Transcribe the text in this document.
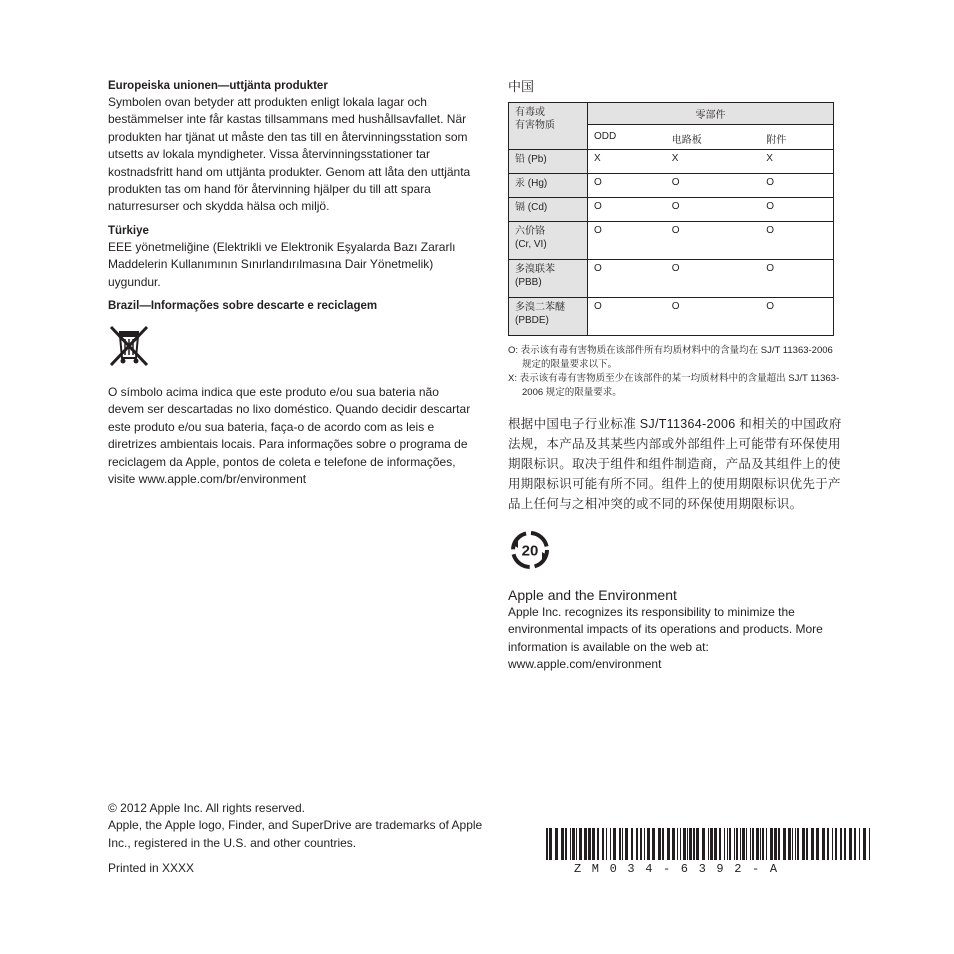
Europeiska unionen—uttjänta produkter
Symbolen ovan betyder att produkten enligt lokala lagar och bestämmelser inte får kastas tillsammans med hushållsavfallet. När produkten har tjänat ut måste den tas till en återvinningsstation som utsetts av lokala myndigheter. Vissa återvinningsstationer tar kostnadsfritt hand om uttjänta produkter. Genom att låta den uttjänta produkten tas om hand för återvinning hjälper du till att spara naturresurser och skydda hälsa och miljö.
Türkiye
EEE yönetmeliğine (Elektrikli ve Elektronik Eşyalarda Bazı Zararlı Maddelerin Kullanımının Sınırlandırılmasına Dair Yönetmelik) uygundur.
Brazil—Informações sobre descarte e reciclagem
O símbolo acima indica que este produto e/ou sua bateria não devem ser descartadas no lixo doméstico. Quando decidir descartar este produto e/ou sua bateria, faça-o de acordo com as leis e diretrizes ambientais locais. Para informações sobre o programa de reciclagem da Apple, pontos de coleta e telefone de informações, visite www.apple.com/br/environment
中国
有毒或
有害物质	零部件		
	ODD	电路板	附件
铅 (Pb)	X	X	X
汞 (Hg)	O	O	O
镉 (Cd)	O	O	O

六价铬
(Cr, VI)	O	O	O

多溴联苯
(PBB)	O	O	O

多溴二苯醚
(PBDE)	O	O	O
O: 表示该有毒有害物质在该部件所有均质材料中的含量均在 SJ/T 11363-2006 规定的限量要求以下。
X: 表示该有毒有害物质至少在该部件的某一均质材料中的含量超出 SJ/T 11363-2006 规定的限量要求。
根据中国电子行业标准 SJ/T11364-2006 和相关的中国政府法规，本产品及其某些内部或外部组件上可能带有环保使用期限标识。取决于组件和组件制造商，产品及其组件上的使用期限标识可能有所不同。组件上的使用期限标识优先于产品上任何与之相冲突的或不同的环保使用期限标识。
20
Apple and the Environment
Apple Inc. recognizes its responsibility to minimize the environmental impacts of its operations and products. More information is available on the web at: www.apple.com/environment

© 2012 Apple Inc. All rights reserved.

Apple, the Apple logo, Finder, and SuperDrive are trademarks of Apple Inc., registered in the U.S. and other countries.

Printed in XXXX	ZM034-6392-A
